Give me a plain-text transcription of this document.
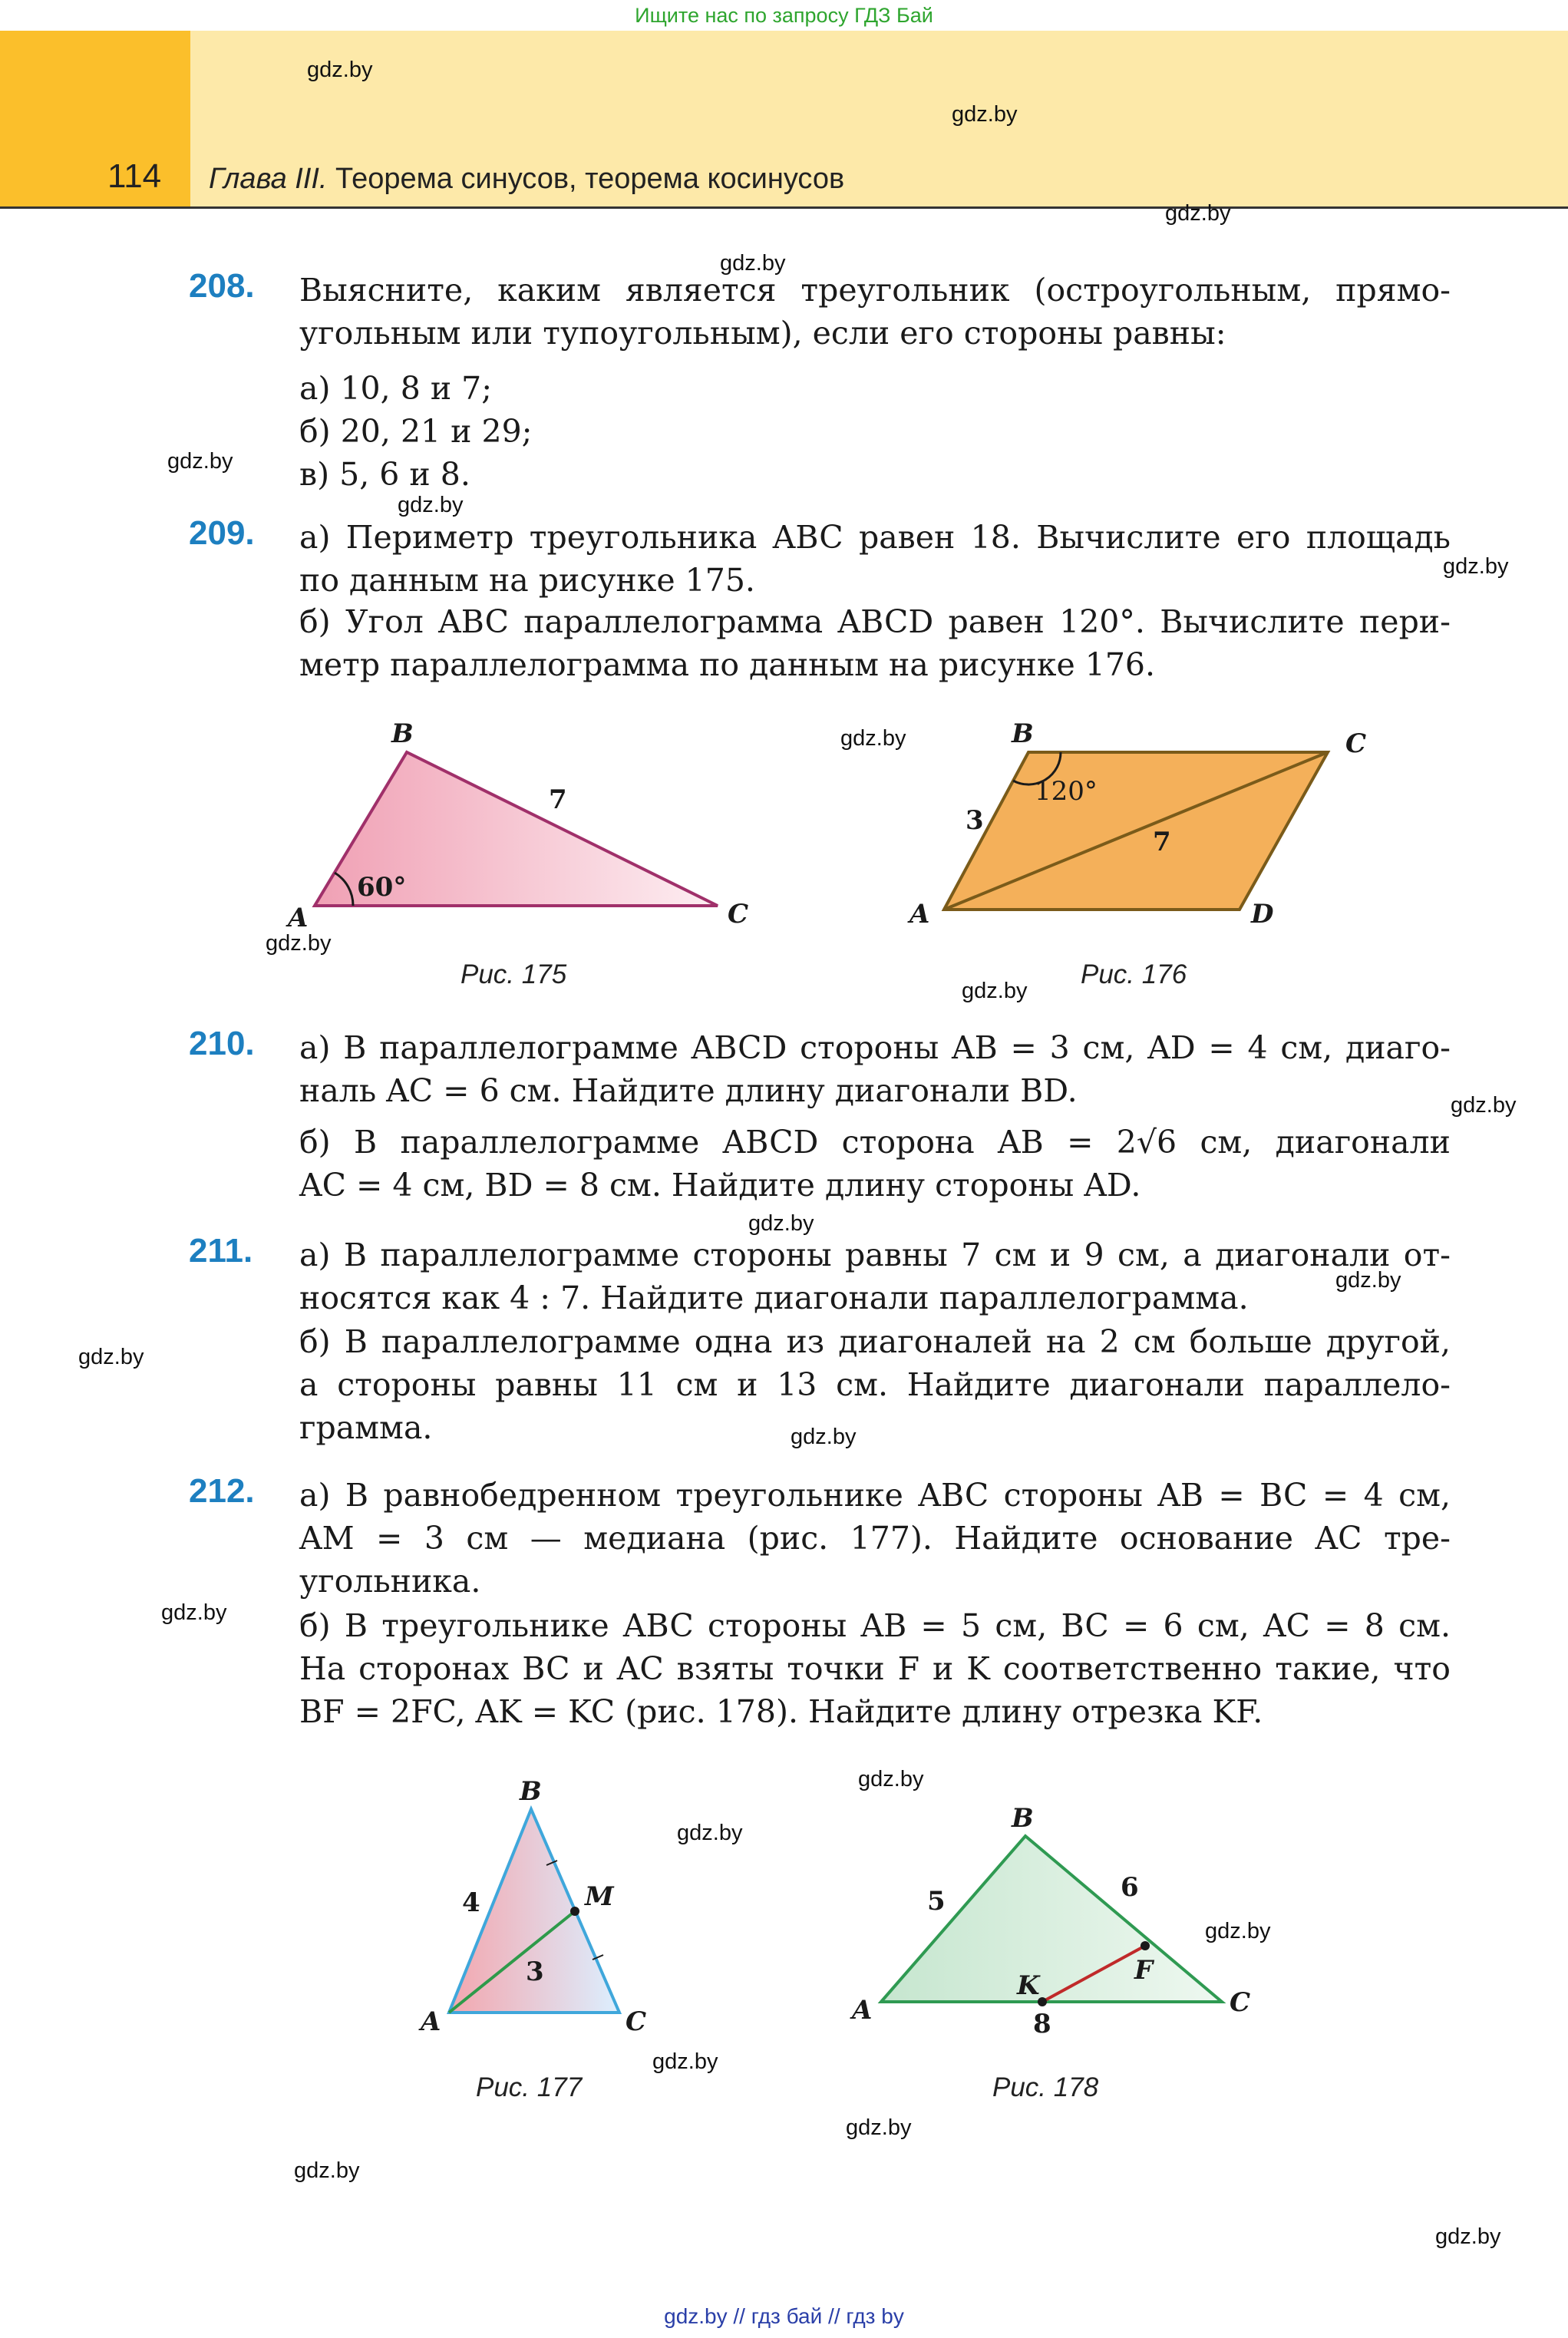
Ищите нас по запросу ГДЗ Бай
114 Глава III. Теорема синусов, теорема косинусов
gdz.by
gdz.by
gdz.by
gdz.by
gdz.by
gdz.by
gdz.by
gdz.by
gdz.by
gdz.by
gdz.by
gdz.by
gdz.by
gdz.by
gdz.by
gdz.by
gdz.by
gdz.by
gdz.by
gdz.by
gdz.by
gdz.by
gdz.by
208. Выясните, каким является треугольник (остроугольным, прямо-
угольным или тупоугольным), если его стороны равны:
а) 10, 8 и 7;
б) 20, 21 и 29;
в) 5, 6 и 8.
209. а) Периметр треугольника ABC равен 18. Вычислите его площадь
по данным на рисунке 175.
б) Угол ABC параллелограмма ABCD равен 120°. Вычислите пери-
метр параллелограмма по данным на рисунке 176.
B
A	C
7
60°
Рис. 175
B	C
A	D
3
7
120°
Рис. 176
210. а) В параллелограмме ABCD стороны AB = 3 см, AD = 4 см, диаго-
наль AC = 6 см. Найдите длину диагонали BD.
б) В параллелограмме ABCD сторона AB = 2√6 см, диагонали
AC = 4 см, BD = 8 см. Найдите длину стороны AD.
211. а) В параллелограмме стороны равны 7 см и 9 см, а диагонали от-
носятся как 4 : 7. Найдите диагонали параллелограмма.
б) В параллелограмме одна из диагоналей на 2 см больше другой,
а стороны равны 11 см и 13 см. Найдите диагонали параллело-
грамма.
212. а) В равнобедренном треугольнике ABC стороны AB = BC = 4 см,
AM = 3 см — медиана (рис. 177). Найдите основание AC тре-
угольника.
б) В треугольнике ABC стороны AB = 5 см, BC = 6 см, AC = 8 см.
На сторонах BC и AC взяты точки F и K соответственно такие, что
BF = 2FC, AK = KC (рис. 178). Найдите длину отрезка KF.
B
A	C
M
4
3
Рис. 177
B
A	C
K	F
5	6
8
Рис. 178
gdz.by // гдз бай // гдз by
